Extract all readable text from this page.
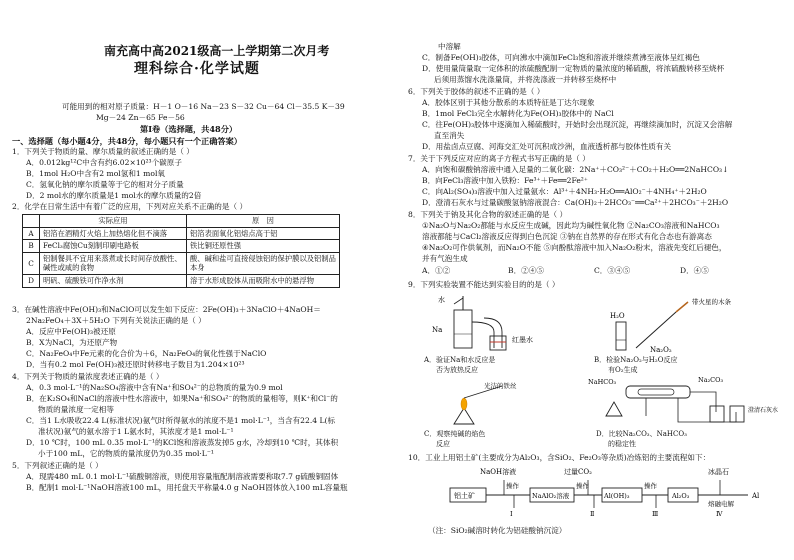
南充高中高2021级高一上学期第二次月考
理科综合·化学试题
可能用到的相对原子质量：H－1 O－16 Na－23 S－32 Cu－64 Cl－35.5 K－39
Mg－24 Zn－65 Fe－56
第Ⅰ卷（选择题，共48分）
一、选择题（每小题4分，共48分，每小题只有一个正确答案）
1．下列关于物质的量、摩尔质量的叙述正确的是（ ）
A．0.012kg¹²C中含有约6.02×10²³个碳原子
B．1mol H₂O中含有2 mol氢和1 mol氧
C．氢氧化钠的摩尔质量等于它的相对分子质量
D．2 mol水的摩尔质量是1 mol水的摩尔质量的2倍
2．化学在日常生活中有着广泛的应用，下列对应关系不正确的是（ ）
	实际应用	原　因
A	铝箔在酒精灯火焰上加热熔化但不滴落	铝箔表面氧化铝熔点高于铝
B	FeCl₃腐蚀Cu刻制印刷电路板	铁比铜还原性强
C	铝制餐具不宜用来蒸煮或长时间存放酸性、碱性或咸的食物	酸、碱和盐可直接侵蚀铝的保护膜以及铝制品本身
D	明矾、硫酸铁可作净水剂	溶于水形成胶体从而吸附水中的悬浮物
3．在碱性溶液中Fe(OH)₃和NaClO可以发生如下反应：2Fe(OH)₃＋3NaClO＋4NaOH＝
2Na₂FeO₄＋3X＋5H₂O 下列有关说法正确的是（ ）
A．反应中Fe(OH)₃被还原
B．X为NaCl，为还原产物
C．Na₂FeO₄中Fe元素的化合价为＋6，Na₂FeO₄的氧化性强于NaClO
D．当有0.2 mol Fe(OH)₃被还原时转移电子数目为1.204×10²³
4．下列关于物质的量浓度表述正确的是（ ）
A．0.3 mol·L⁻¹的Na₂SO₄溶液中含有Na⁺和SO₄²⁻的总物质的量为0.9 mol
B．在K₂SO₄和NaCl的溶液中性水溶液中，如果Na⁺和SO₄²⁻的物质的量相等，则K⁺和Cl⁻的
物质的量浓度一定相等
C．当1 L水吸收22.4 L(标准状况)氨气时所得氨水的浓度不是1 mol·L⁻¹，当含有22.4 L(标
准状况)氨气的氨水溶于1 L氨水时，其浓度才是1 mol·L⁻¹
D．10 ℃时，100 mL 0.35 mol·L⁻¹的KCl饱和溶液蒸发掉5 g水，冷却到10 ℃时，其体积
小于100 mL，它的物质的量浓度仍为0.35 mol·L⁻¹
5．下列叙述正确的是（ ）
A．现需480 mL 0.1 mol·L⁻¹硫酸铜溶液，则使用容量瓶配制溶液需要称取7.7 g硫酸铜固体
B．配制1 mol·L⁻¹NaOH溶液100 mL，用托盘天平称量4.0 g NaOH固体放入100 mL容量瓶
中溶解
C．制备Fe(OH)₃胶体，可向沸水中滴加FeCl₃饱和溶液并继续煮沸至液体呈红褐色
D．使用量筒量取一定体积的浓硫酸配制一定物质的量浓度的稀硫酸，将浓硫酸转移至烧杯
后须用蒸馏水洗涤量筒，并将洗涤液一并转移至烧杯中
6．下列关于胶体的叙述不正确的是（ ）
A．胶体区别于其他分散系的本质特征是丁达尔现象
B．1mol FeCl₃完全水解转化为Fe(OH)₃胶体中的 NaCl
C．往Fe(OH)₃胶体中逐滴加入稀硫酸时，开始时会出现沉淀，再继续滴加时，沉淀又会溶解
直至消失
D．用盐卤点豆腐、河海交汇处可沉积成沙洲，血液透析都与胶体性质有关
7．关于下列反应对应的离子方程式书写正确的是（ ）
A．向饱和碳酸钠溶液中通入足量的二氧化碳：2Na⁺＋CO₃²⁻＋CO₂＋H₂O══2NaHCO₃↓
B．向FeCl₃溶液中加入铁粉：Fe³⁺＋Fe══2Fe²⁺
C．向Al₂(SO₄)₃溶液中加入过量氨水：Al³⁺＋4NH₃·H₂O══AlO₂⁻＋4NH₄⁺＋2H₂O
D．澄清石灰水与过量碳酸氢钠溶液混合：Ca(OH)₂＋2HCO₃⁻══Ca²⁺＋2HCO₃⁻＋2H₂O
8．下列关于钠及其化合物的叙述正确的是（ ）
①Na₂O与Na₂O₂都能与水反应生成碱，因此均为碱性氧化物 ②Na₂CO₃溶液和NaHCO₃
溶液都能与CaCl₂溶液反应得到白色沉淀 ③钠在自然界的存在形式有化合态也有游离态
④Na₂O₂可作供氧剂，而Na₂O不能 ⑤向酚酞溶液中加入Na₂O₂粉末，溶液先变红后褪色，
并有气泡生成
A．①②	B．②④⑤	C．③④⑤	D．④⑤
9．下列实验装置不能达到实验目的的是（ ）
水
Na
红墨水
A．验证Na和水反应是
否为放热反应
H₂O
带火星的木条
Na₂O₂
B．检验Na₂O₂与H₂O反应
有O₂生成
光洁的铁丝
C．观察纯碱的焰色
反应
NaHCO₃	Na₂CO₃
澄清石灰水
D．比较Na₂CO₃、NaHCO₃
的稳定性
10．工业上用铝土矿(主要成分为Al₂O₃，含SiO₂、Fe₂O₃等杂质)冶炼铝的主要流程如下：
NaOH溶液
操作
过量CO₂
操作	操作
冰晶石
铝土矿	NaAlO₂溶液	Al(OH)₃	Al₂O₃
熔融电解
Al
Ⅰ	Ⅱ	Ⅲ	Ⅳ
（注：SiO₂碱溶时转化为铝硅酸钠沉淀）
